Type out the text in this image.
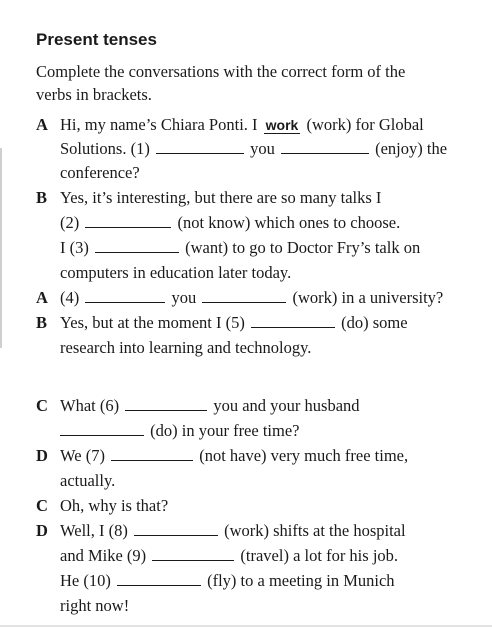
Present tenses
Complete the conversations with the correct form of the
verbs in brackets.
A Hi, my name’s Chiara Ponti. I work (work) for Global
Solutions. (1)	you	(enjoy) the
conference?
B Yes, it’s interesting, but there are so many talks I
(2)	(not know) which ones to choose.
I (3)	(want) to go to Doctor Fry’s talk on
computers in education later today.
A (4)	you	(work) in a university?
B Yes, but at the moment I (5)	(do) some
research into learning and technology.
C What (6)	you and your husband
(do) in your free time?
D We (7)	(not have) very much free time,
actually.
C Oh, why is that?
D Well, I (8)	(work) shifts at the hospital
and Mike (9)	(travel) a lot for his job.
He (10)	(fly) to a meeting in Munich
right now!
